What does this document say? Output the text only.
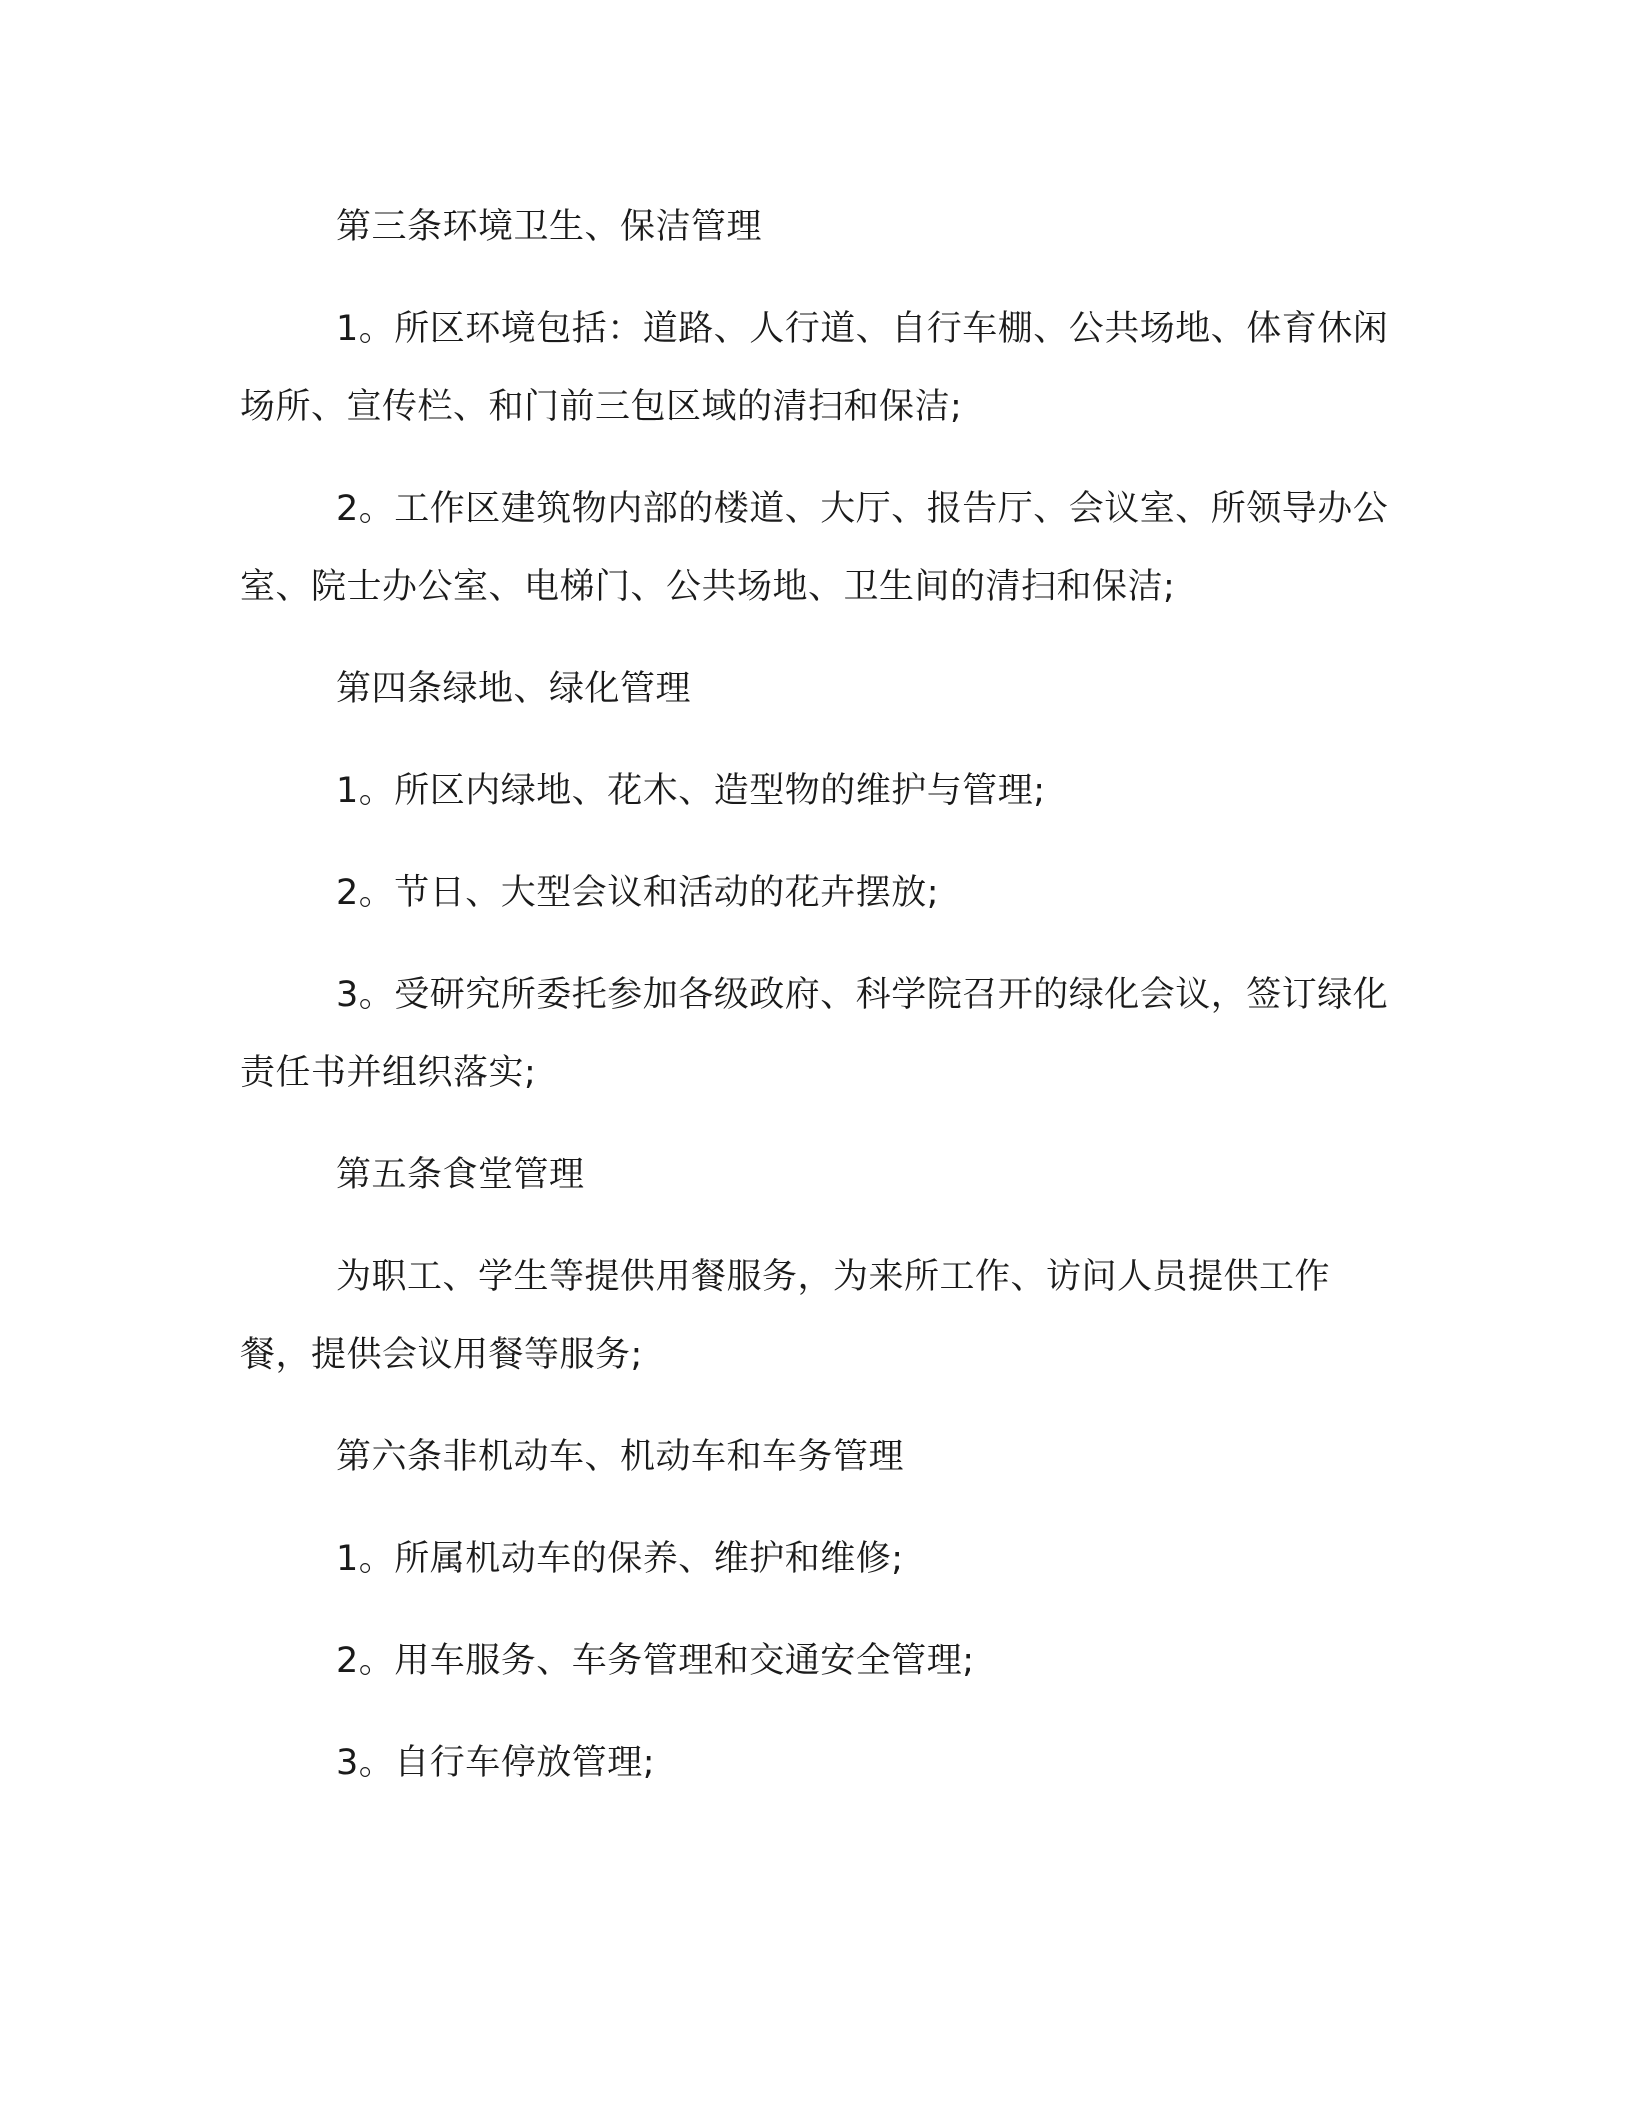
第三条环境卫生、保洁管理

1。所区环境包括：道路、人行道、自行车棚、公共场地、体育休闲场所、宣传栏、和门前三包区域的清扫和保洁;

2。工作区建筑物内部的楼道、大厅、报告厅、会议室、所领导办公室、院士办公室、电梯门、公共场地、卫生间的清扫和保洁;

第四条绿地、绿化管理

1。所区内绿地、花木、造型物的维护与管理;

2。节日、大型会议和活动的花卉摆放;

3。受研究所委托参加各级政府、科学院召开的绿化会议，签订绿化责任书并组织落实;

第五条食堂管理

为职工、学生等提供用餐服务，为来所工作、访问人员提供工作餐，提供会议用餐等服务;

第六条非机动车、机动车和车务管理

1。所属机动车的保养、维护和维修;

2。用车服务、车务管理和交通安全管理;

3。自行车停放管理;
